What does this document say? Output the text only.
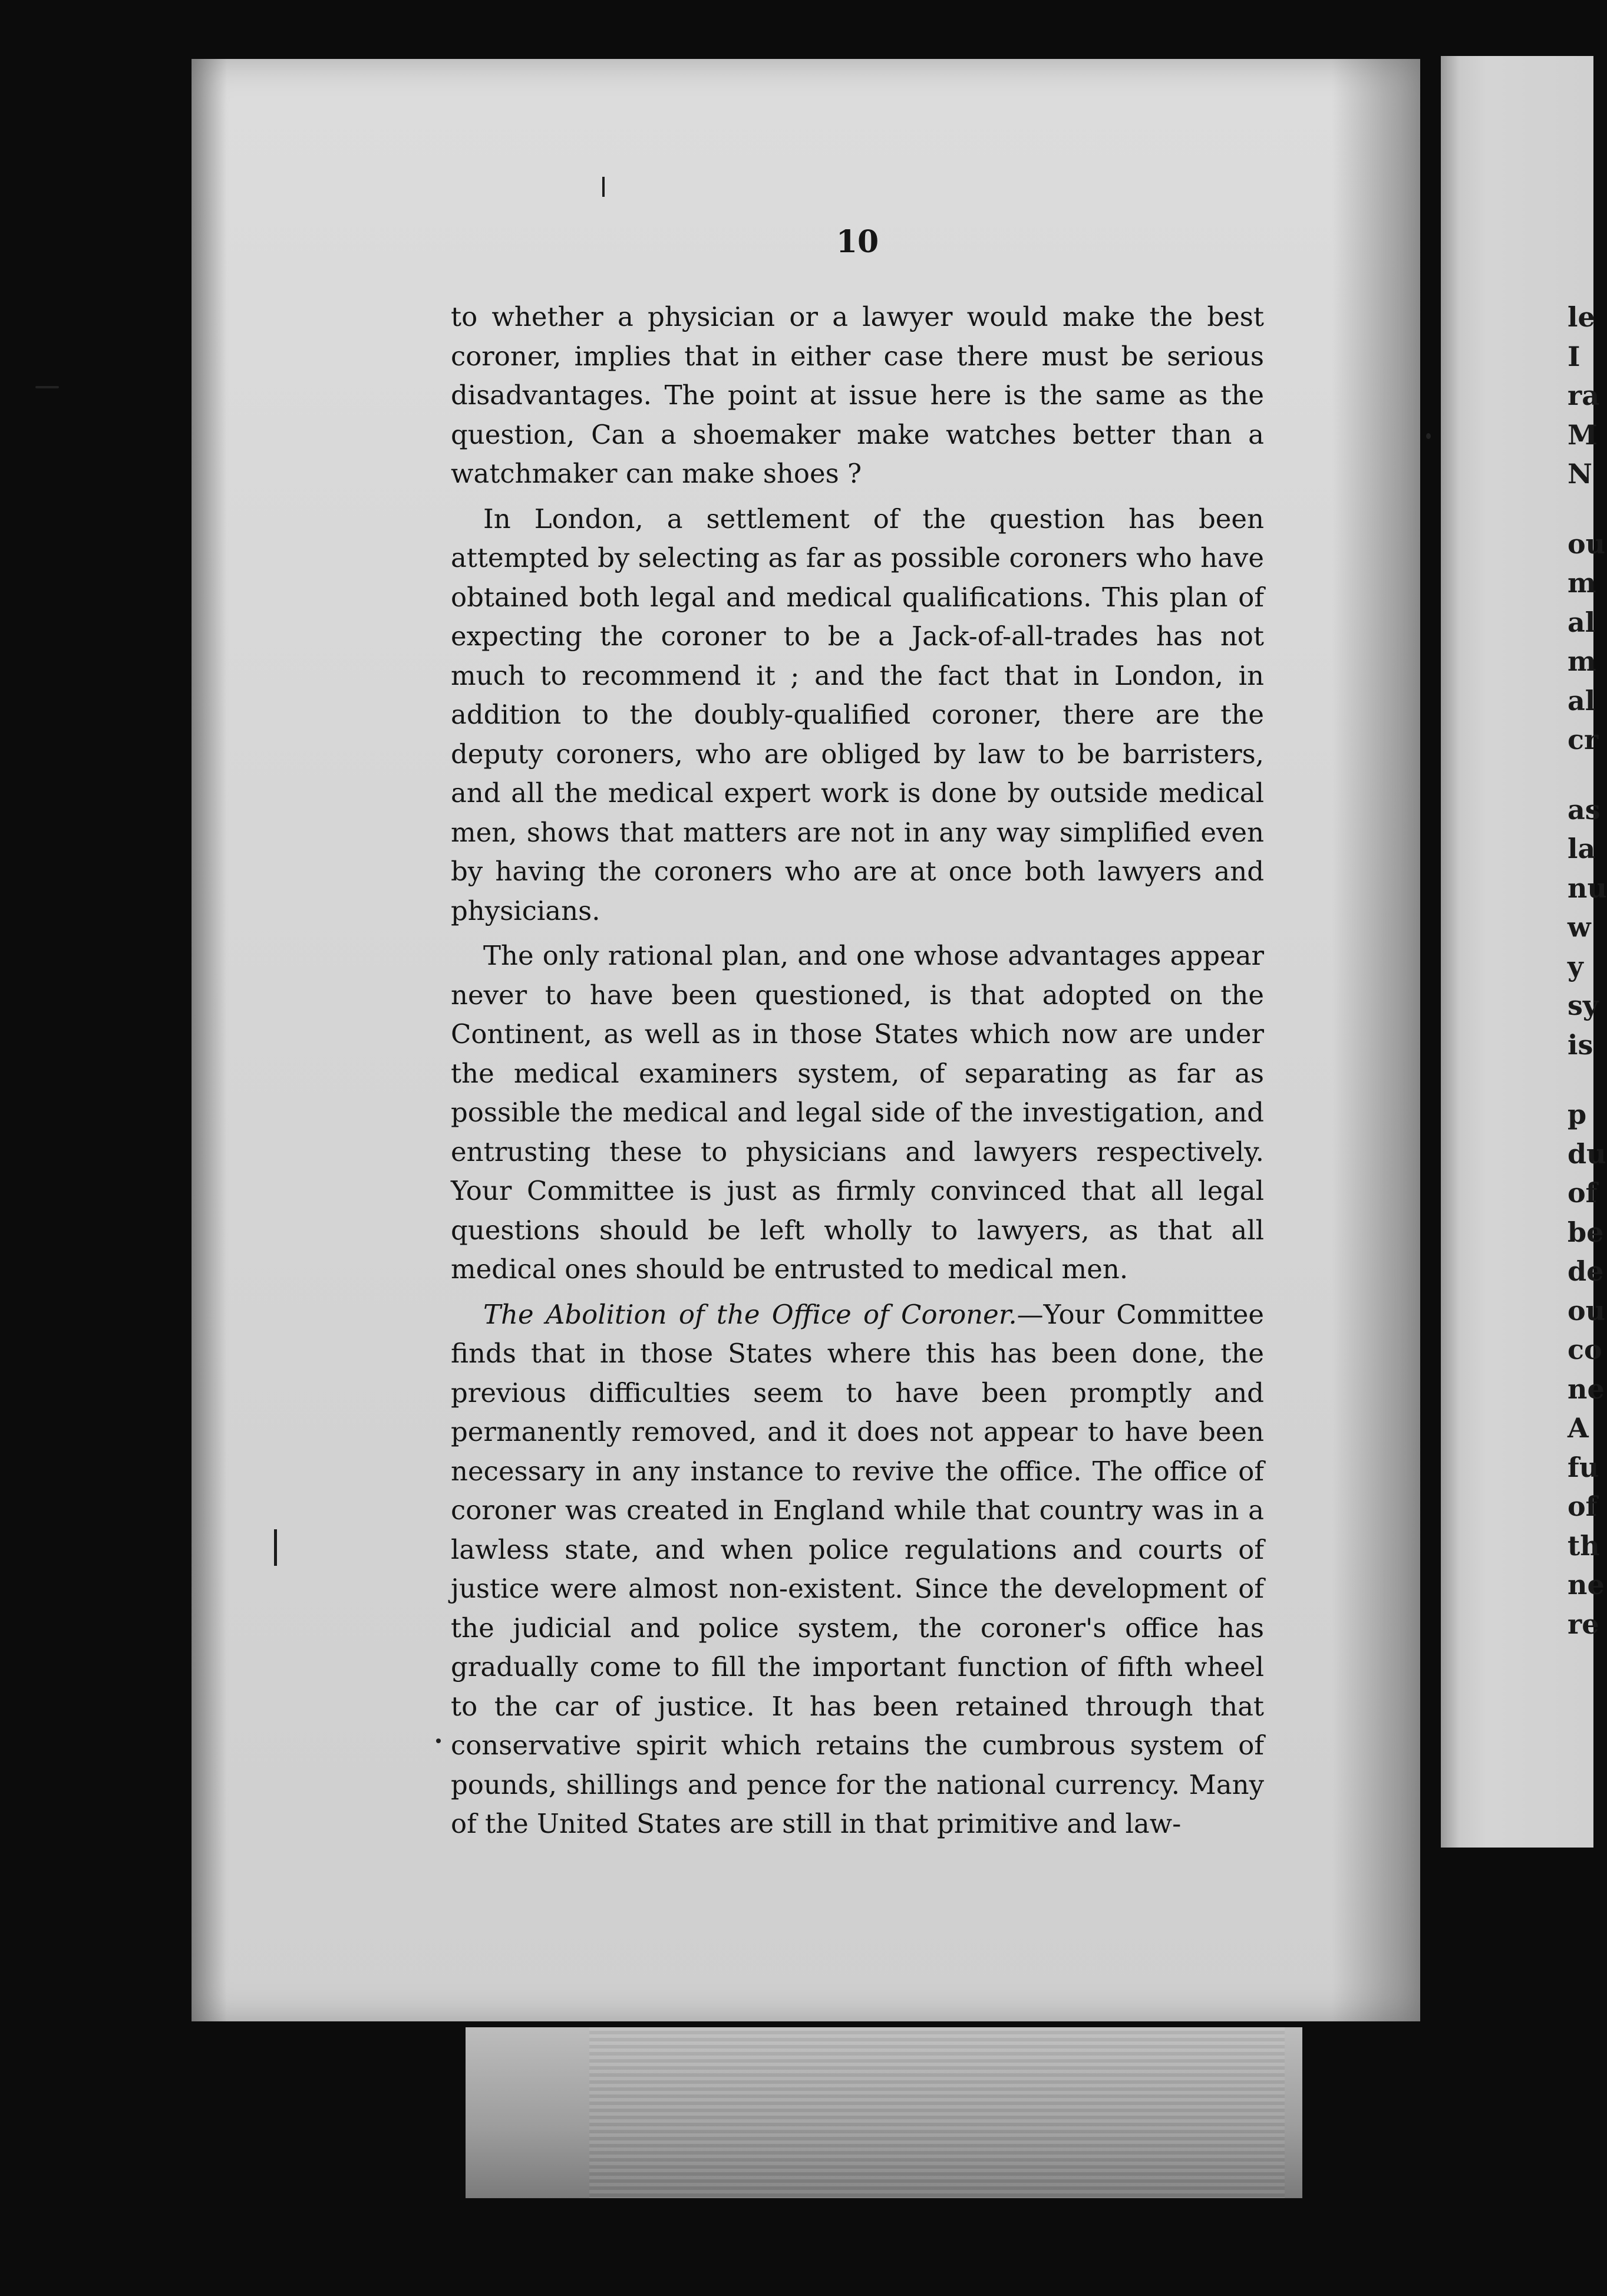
le
I
ra
M
N
ou
m
al
m
al
cr
as
la
nu
w
y
sy
is
p
du
of
be
de
ou
co
ne
A
fu
of
th
ne
re
10

to whether a physician or a lawyer would make the best coroner, implies that in either case there must be serious disadvantages. The point at issue here is the same as the question, Can a shoemaker make watches better than a watchmaker can make shoes ?

In London, a settlement of the question has been attempted by selecting as far as possible coroners who have obtained both legal and medical qualifications. This plan of expecting the coroner to be a Jack-of-all-trades has not much to recommend it ; and the fact that in London, in addition to the doubly-qualified coroner, there are the deputy coroners, who are obliged by law to be barristers, and all the medical expert work is done by outside medical men, shows that matters are not in any way simplified even by having the coroners who are at once both lawyers and physicians.

The only rational plan, and one whose advantages appear never to have been questioned, is that adopted on the Continent, as well as in those States which now are under the medical examiners system, of separating as far as possible the medical and legal side of the investigation, and entrusting these to physicians and lawyers respectively. Your Committee is just as firmly convinced that all legal questions should be left wholly to lawyers, as that all medical ones should be entrusted to medical men.

The Abolition of the Office of Coroner.—Your Committee finds that in those States where this has been done, the previous difficulties seem to have been promptly and permanently removed, and it does not appear to have been necessary in any instance to revive the office. The office of coroner was created in England while that country was in a lawless state, and when police regulations and courts of justice were almost non-existent. Since the development of the judicial and police system, the coroner's office has gradually come to fill the important function of fifth wheel to the car of justice. It has been retained through that conservative spirit which retains the cumbrous system of pounds, shillings and pence for the national currency. Many of the United States are still in that primitive and law-
